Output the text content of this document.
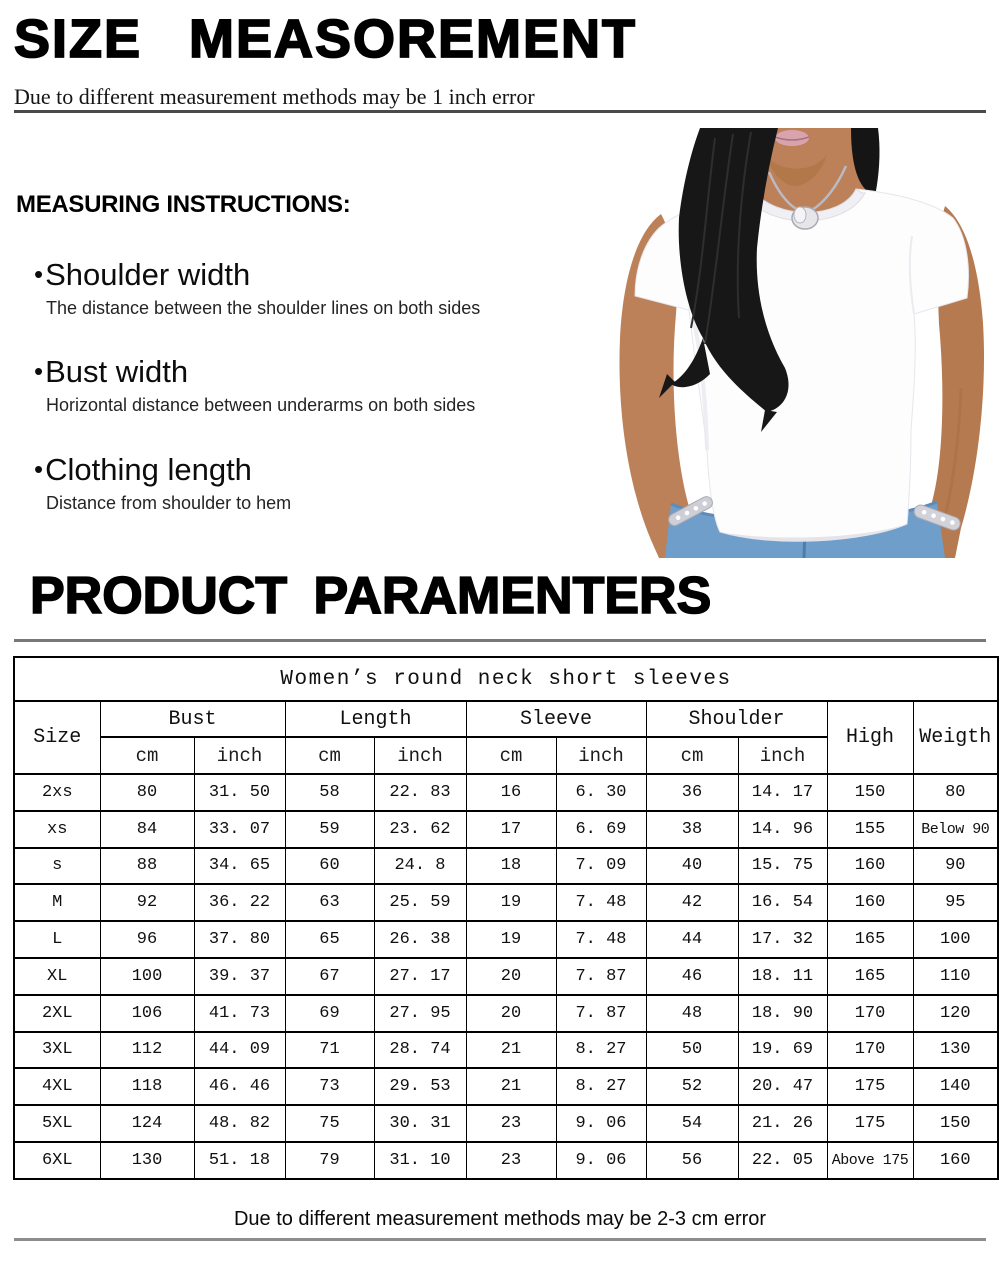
SIZE MEASOREMENT
Due to different measurement methods may be 1 inch error
MEASURING INSTRUCTIONS:
•Shoulder width
The distance between the shoulder lines on both sides
•Bust width
Horizontal distance between underarms on both sides
•Clothing length
Distance from shoulder to hem
PRODUCT PARAMENTERS
Women’s round neck short sleeves										
Size	Bust		Length		Sleeve		Shoulder		High	Weigth
	cm	inch	cm	inch	cm	inch	cm	inch		
2xs	80	31. 50	58	22. 83	16	6. 30	36	14. 17	150	80
xs	84	33. 07	59	23. 62	17	6. 69	38	14. 96	155	Below 90
s	88	34. 65	60	24. 8	18	7. 09	40	15. 75	160	90
M	92	36. 22	63	25. 59	19	7. 48	42	16. 54	160	95
L	96	37. 80	65	26. 38	19	7. 48	44	17. 32	165	100
XL	100	39. 37	67	27. 17	20	7. 87	46	18. 11	165	110
2XL	106	41. 73	69	27. 95	20	7. 87	48	18. 90	170	120
3XL	112	44. 09	71	28. 74	21	8. 27	50	19. 69	170	130
4XL	118	46. 46	73	29. 53	21	8. 27	52	20. 47	175	140
5XL	124	48. 82	75	30. 31	23	9. 06	54	21. 26	175	150
6XL	130	51. 18	79	31. 10	23	9. 06	56	22. 05	Above 175	160
Due to different measurement methods may be 2-3 cm error
